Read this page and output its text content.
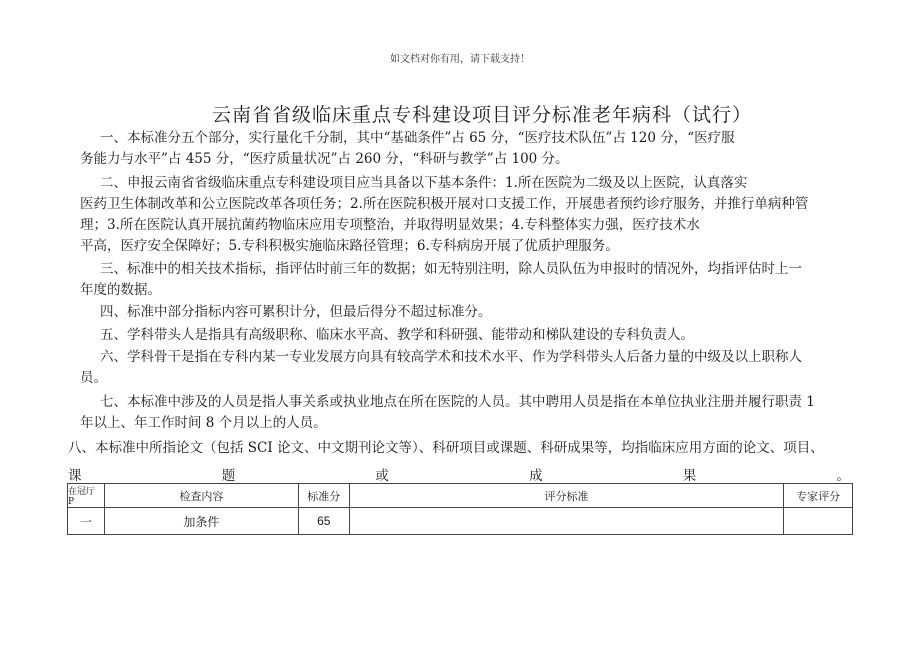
如文档对你有用，请下载支持！
云南省省级临床重点专科建设项目评分标准老年病科（试行）
一、本标准分五个部分，实行量化千分制，其中“基础条件”占 65 分，“医疗技术队伍”占 120 分，“医疗服
务能力与水平”占 455 分，“医疗质量状况”占 260 分，“科研与教学”占 100 分。
二、申报云南省省级临床重点专科建设项目应当具备以下基本条件：1.所在医院为二级及以上医院，认真落实
医药卫生体制改革和公立医院改革各项任务；2.所在医院积极开展对口支援工作，开展患者预约诊疗服务，并推行单病种管
理；3.所在医院认真开展抗菌药物临床应用专项整治，并取得明显效果；4.专科整体实力强，医疗技术水
平高，医疗安全保障好；5.专科积极实施临床路径管理；6.专科病房开展了优质护理服务。
三、标准中的相关技术指标，指评估时前三年的数据；如无特别注明，除人员队伍为申报时的情况外，均指评估时上一
年度的数据。
四、标准中部分指标内容可累积计分，但最后得分不超过标准分。
五、学科带头人是指具有高级职称、临床水平高、教学和科研强、能带动和梯队建设的专科负责人。
六、学科骨干是指在专科内某一专业发展方向具有较高学术和技术水平、作为学科带头人后备力量的中级及以上职称人
员。
七、本标准中涉及的人员是指人事关系或执业地点在所在医院的人员。其中聘用人员是指在本单位执业注册并履行职责 1
年以上、年工作时间 8 个月以上的人员。
八、本标准中所指论文（包括 SCI 论文、中文期刊论文等）、科研项目或课题、科研成果等，均指临床应用方面的论文、项目、
课	题	或	成	果	。
在冠厅 P	检查内容	标准分	评分标准	专家评分
一	加条件	65		
